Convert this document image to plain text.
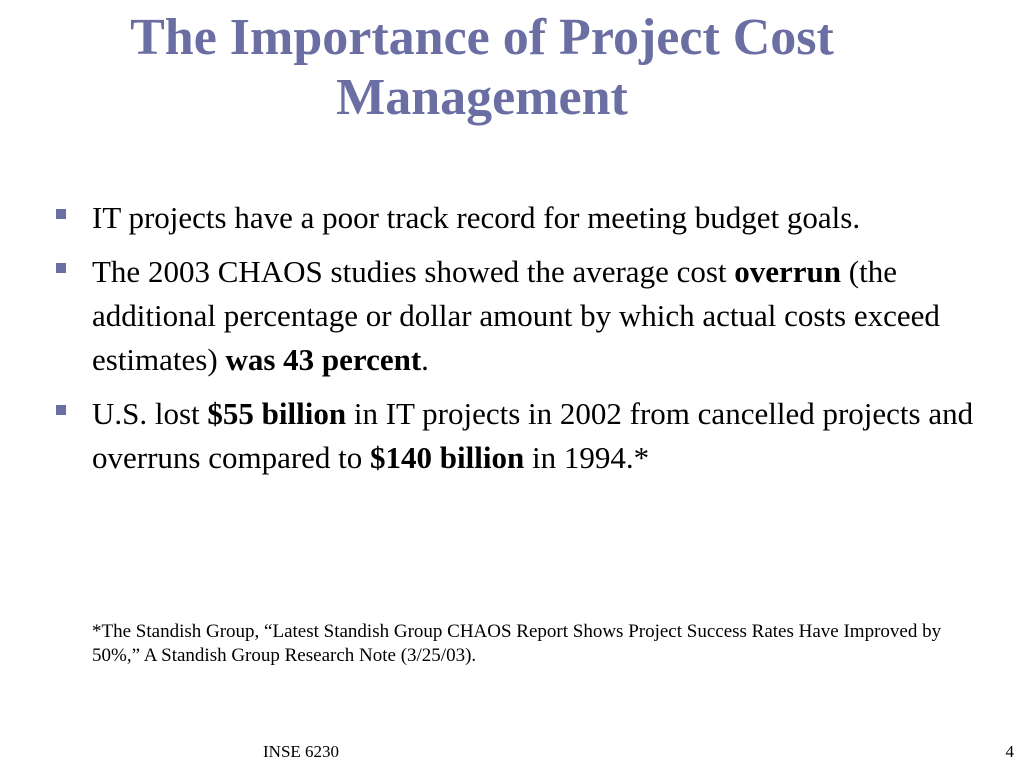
The Importance of Project Cost
Management
IT projects have a poor track record for meeting budget goals.
The 2003 CHAOS studies showed the average cost overrun (the additional percentage or dollar amount by which actual costs exceed estimates) was 43 percent.
U.S. lost $55 billion in IT projects in 2002 from cancelled projects and overruns compared to $140 billion in 1994.*

*The Standish Group, “Latest Standish Group CHAOS Report Shows Project Success Rates Have Improved by 50%,” A Standish Group Research Note (3/25/03).

INSE 6230	4
